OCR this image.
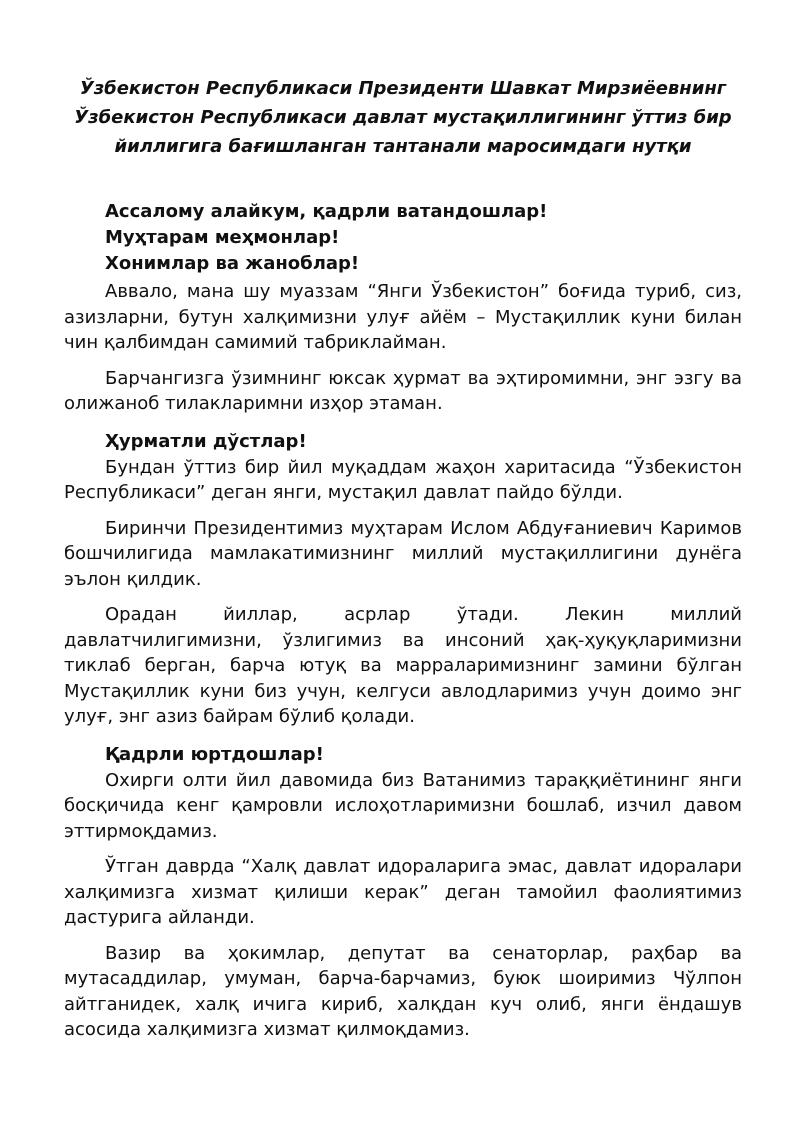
Ўзбекистон Республикаси Президенти Шавкат Мирзиёевнинг
Ўзбекистон Республикаси давлат мустақиллигининг ўттиз бир
йиллигига бағишланган тантанали маросимдаги нутқи

Ассалому алайкум, қадрли ватандошлар!

Муҳтарам меҳмонлар!

Хонимлар ва жаноблар!

Аввало, мана шу муаззам “Янги Ўзбекистон” боғида туриб, сиз, азизларни, бутун халқимизни улуғ айём – Мустақиллик куни билан чин қалбимдан самимий табриклайман.

Барчангизга ўзимнинг юксак ҳурмат ва эҳтиромимни, энг эзгу ва олижаноб тилакларимни изҳор этаман.

Ҳурматли дўстлар!

Бундан ўттиз бир йил муқаддам жаҳон харитасида “Ўзбекистон Республикаси” деган янги, мустақил давлат пайдо бўлди.

Биринчи Президентимиз муҳтарам Ислом Абдуғаниевич Каримов бошчилигида мамлакатимизнинг миллий мустақиллигини дунёга эълон қилдик.

Орадан йиллар, асрлар ўтади. Лекин миллий давлатчилигимизни, ўзлигимиз ва инсоний ҳақ-ҳуқуқларимизни тиклаб берган, барча ютуқ ва марраларимизнинг замини бўлган Мустақиллик куни биз учун, келгуси авлодларимиз учун доимо энг улуғ, энг азиз байрам бўлиб қолади.

Қадрли юртдошлар!

Охирги олти йил давомида биз Ватанимиз тараққиётининг янги босқичида кенг қамровли ислоҳотларимизни бошлаб, изчил давом эттирмоқдамиз.

Ўтган даврда “Халқ давлат идораларига эмас, давлат идоралари халқимизга хизмат қилиши керак” деган тамойил фаолиятимиз дастурига айланди.

Вазир ва ҳокимлар, депутат ва сенаторлар, раҳбар ва мутасаддилар, умуман, барча-барчамиз, буюк шоиримиз Чўлпон айтганидек, халқ ичига кириб, халқдан куч олиб, янги ёндашув асосида халқимизга хизмат қилмоқдамиз.
